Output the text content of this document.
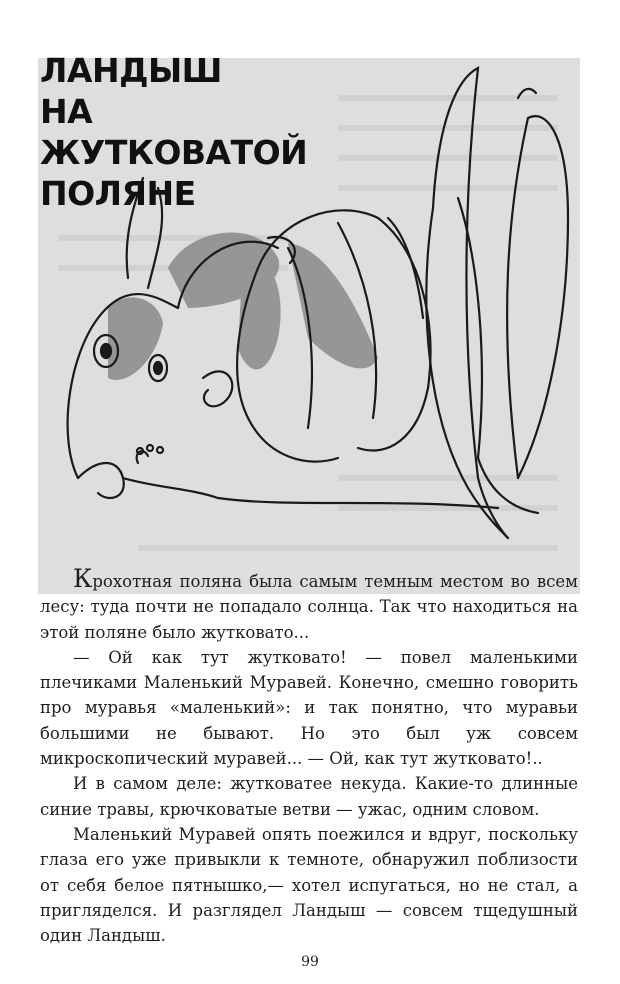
ЛАНДЫШ
НА ЖУТКОВАТОЙ
ПОЛЯНЕ

Крохотная поляна была самым темным местом во всем лесу: туда почти не попадало солнца. Так что находиться на этой поляне было жутковато...

— Ой как тут жутковато! — повел маленькими плечиками Маленький Муравей. Конечно, смешно говорить про муравья «маленький»: и так понятно, что муравьи большими не бывают. Но это был уж совсем микроскопический муравей... — Ой, как тут жутковато!..

И в самом деле: жутковатее некуда. Какие-то длинные синие травы, крючковатые ветви — ужас, одним словом.

Маленький Муравей опять поежился и вдруг, поскольку глаза его уже привыкли к темноте, обнаружил поблизости от себя белое пятнышко,— хотел испугаться, но не стал, а пригляделся. И разглядел Ландыш — совсем тщедушный один Ландыш.

99
